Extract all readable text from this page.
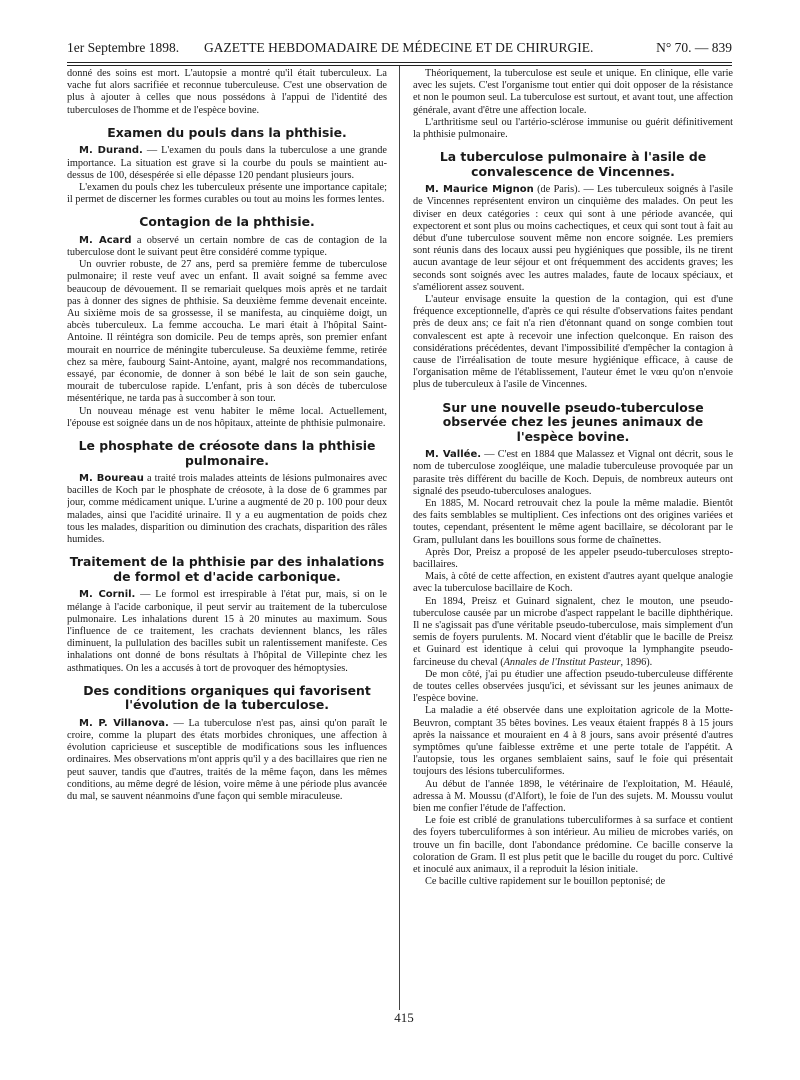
1er Septembre 1898. GAZETTE HEBDOMADAIRE DE MÉDECINE ET DE CHIRURGIE.	N° 70. — 839

donné des soins est mort. L'autopsie a montré qu'il était tuberculeux. La vache fut alors sacrifiée et reconnue tuberculeuse. C'est une observation de plus à ajouter à celles que nous possédons à l'appui de l'identité des tuberculoses de l'homme et de l'espèce bovine.

Examen du pouls dans la phthisie.

M. Durand. — L'examen du pouls dans la tuberculose a une grande importance. La situation est grave si la courbe du pouls se maintient au-dessus de 100, désespérée si elle dépasse 120 pendant plusieurs jours.

L'examen du pouls chez les tuberculeux présente une importance capitale; il permet de discerner les formes curables ou tout au moins les formes lentes.

Contagion de la phthisie.

M. Acard a observé un certain nombre de cas de contagion de la tuberculose dont le suivant peut être considéré comme typique.

Un ouvrier robuste, de 27 ans, perd sa première femme de tuberculose pulmonaire; il reste veuf avec un enfant. Il avait soigné sa femme avec beaucoup de dévouement. Il se remariait quelques mois après et ne tardait pas à donner des signes de phthisie. Sa deuxième femme devenait enceinte. Au sixième mois de sa grossesse, il se manifesta, au cinquième doigt, un abcès tuberculeux. La femme accoucha. Le mari était à l'hôpital Saint-Antoine. Il réintégra son domicile. Peu de temps après, son premier enfant mourait en nourrice de méningite tuberculeuse. Sa deuxième femme, retirée chez sa mère, faubourg Saint-Antoine, ayant, malgré nos recommandations, essayé, par économie, de donner à son bébé le lait de son sein gauche, mourait de tuberculose rapide. L'enfant, pris à son décès de tuberculose mésentérique, ne tarda pas à succomber à son tour.

Un nouveau ménage est venu habiter le même local. Actuellement, l'épouse est soignée dans un de nos hôpitaux, atteinte de phthisie pulmonaire.

Le phosphate de créosote dans la phthisie pulmonaire.

M. Boureau a traité trois malades atteints de lésions pulmonaires avec bacilles de Koch par le phosphate de créosote, à la dose de 6 grammes par jour, comme médicament unique. L'urine a augmenté de 20 p. 100 pour deux malades, ainsi que l'acidité urinaire. Il y a eu augmentation de poids chez tous les malades, disparition ou diminution des crachats, disparition des râles humides.

Traitement de la phthisie par des inhalations de formol et d'acide carbonique.

M. Cornil. — Le formol est irrespirable à l'état pur, mais, si on le mélange à l'acide carbonique, il peut servir au traitement de la tuberculose pulmonaire. Les inhalations durent 15 à 20 minutes au maximum. Sous l'influence de ce traitement, les crachats deviennent blancs, les râles diminuent, la pullulation des bacilles subit un ralentissement manifeste. Ces inhalations ont donné de bons résultats à l'hôpital de Villepinte chez les asthmatiques. On les a accusés à tort de provoquer des hémoptysies.

Des conditions organiques qui favorisent l'évolution de la tuberculose.

M. P. Villanova. — La tuberculose n'est pas, ainsi qu'on paraît le croire, comme la plupart des états morbides chroniques, une affection à évolution capricieuse et susceptible de modifications sous les influences ordinaires. Mes observations m'ont appris qu'il y a des bacillaires que rien ne peut sauver, tandis que d'autres, traités de la même façon, dans les mêmes conditions, au même degré de lésion, voire même à une période plus avancée du mal, se sauvent néanmoins d'une façon qui semble miraculeuse.

Théoriquement, la tuberculose est seule et unique. En clinique, elle varie avec les sujets. C'est l'organisme tout entier qui doit opposer de la résistance et non le poumon seul. La tuberculose est surtout, et avant tout, une affection générale, avant d'être une affection locale.

L'arthritisme seul ou l'artério-sclérose immunise ou guérit définitivement la phthisie pulmonaire.

La tuberculose pulmonaire à l'asile de convalescence de Vincennes.

M. Maurice Mignon (de Paris). — Les tuberculeux soignés à l'asile de Vincennes représentent environ un cinquième des malades. On peut les diviser en deux catégories : ceux qui sont à une période avancée, qui expectorent et sont plus ou moins cachectiques, et ceux qui sont tout à fait au début d'une tuberculose souvent même non encore soignée. Les premiers sont réunis dans des locaux aussi peu hygiéniques que possible, ils ne tirent aucun avantage de leur séjour et ont fréquemment des accidents graves; les seconds sont soignés avec les autres malades, faute de locaux spéciaux, et s'améliorent assez souvent.

L'auteur envisage ensuite la question de la contagion, qui est d'une fréquence exceptionnelle, d'après ce qui résulte d'observations faites pendant près de deux ans; ce fait n'a rien d'étonnant quand on songe combien tout convalescent est apte à recevoir une infection quelconque. En raison des considérations précédentes, devant l'impossibilité d'empêcher la contagion à cause de l'irréalisation de toute mesure hygiénique efficace, à cause de l'organisation même de l'établissement, l'auteur émet le vœu qu'on n'envoie plus de tuberculeux à l'asile de Vincennes.

Sur une nouvelle pseudo-tuberculose observée chez les jeunes animaux de l'espèce bovine.

M. Vallée. — C'est en 1884 que Malassez et Vignal ont décrit, sous le nom de tuberculose zoogléique, une maladie tuberculeuse provoquée par un parasite très différent du bacille de Koch. Depuis, de nombreux auteurs ont signalé des pseudo-tuberculoses analogues.

En 1885, M. Nocard retrouvait chez la poule la même maladie. Bientôt des faits semblables se multiplient. Ces infections ont des origines variées et toutes, cependant, présentent le même agent bacillaire, se décolorant par le Gram, pullulant dans les bouillons sous forme de chaînettes.

Après Dor, Preisz a proposé de les appeler pseudo-tuberculoses strepto-bacillaires.

Mais, à côté de cette affection, en existent d'autres ayant quelque analogie avec la tuberculose bacillaire de Koch.

En 1894, Preisz et Guinard signalent, chez le mouton, une pseudo-tuberculose causée par un microbe d'aspect rappelant le bacille diphthérique. Il ne s'agissait pas d'une véritable pseudo-tuberculose, mais simplement d'un semis de foyers purulents. M. Nocard vient d'établir que le bacille de Preisz et Guinard est identique à celui qui provoque la lymphangite pseudo-farcineuse du cheval (Annales de l'Institut Pasteur, 1896).

De mon côté, j'ai pu étudier une affection pseudo-tuberculeuse différente de toutes celles observées jusqu'ici, et sévissant sur les jeunes animaux de l'espèce bovine.

La maladie a été observée dans une exploitation agricole de la Motte-Beuvron, comptant 35 bêtes bovines. Les veaux étaient frappés 8 à 15 jours après la naissance et mouraient en 4 à 8 jours, sans avoir présenté d'autres symptômes qu'une faiblesse extrême et une perte totale de l'appétit. A l'autopsie, tous les organes semblaient sains, sauf le foie qui présentait toujours des lésions tuberculiformes.

Au début de l'année 1898, le vétérinaire de l'exploitation, M. Héaulé, adressa à M. Moussu (d'Alfort), le foie de l'un des sujets. M. Moussu voulut bien me confier l'étude de l'affection.

Le foie est criblé de granulations tuberculiformes à sa surface et contient des foyers tuberculiformes à son intérieur. Au milieu de microbes variés, on trouve un fin bacille, dont l'abondance prédomine. Ce bacille conserve la coloration de Gram. Il est plus petit que le bacille du rouget du porc. Cultivé et inoculé aux animaux, il a reproduit la lésion initiale.

Ce bacille cultive rapidement sur le bouillon peptonisé; de

415
